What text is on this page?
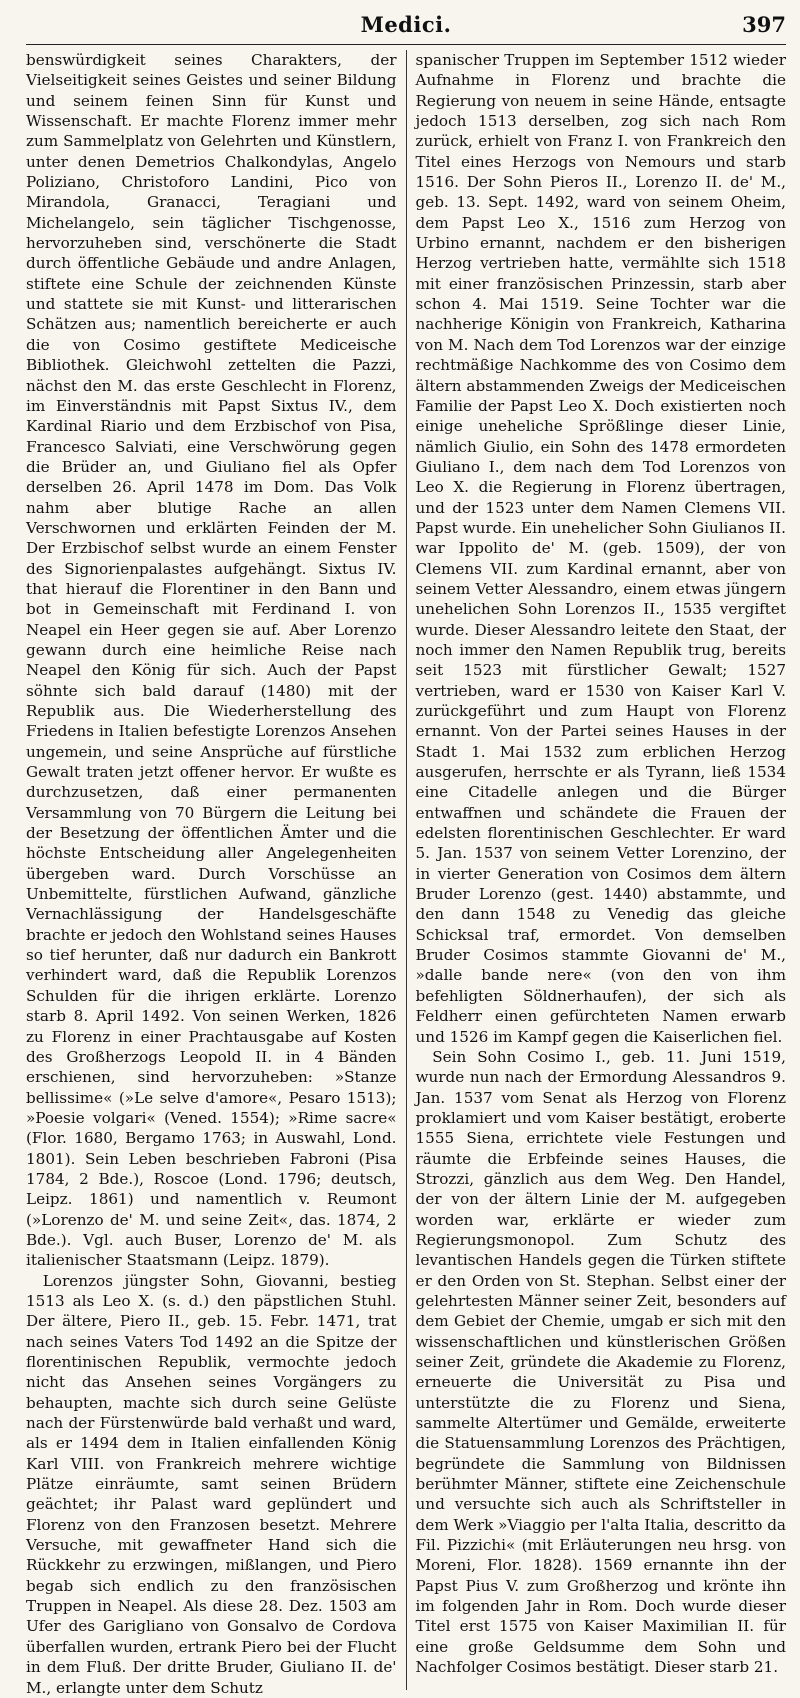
Medici.	397

benswürdigkeit seines Charakters, der Vielseitigkeit seines Geistes und seiner Bildung und seinem feinen Sinn für Kunst und Wissenschaft. Er machte Florenz immer mehr zum Sammelplatz von Gelehrten und Künstlern, unter denen Demetrios Chalkondylas, Angelo Poliziano, Christoforo Landini, Pico von Mirandola, Granacci, Teragiani und Michelangelo, sein täglicher Tischgenosse, hervorzuheben sind, verschönerte die Stadt durch öffentliche Gebäude und andre Anlagen, stiftete eine Schule der zeichnenden Künste und stattete sie mit Kunst- und litterarischen Schätzen aus; namentlich bereicherte er auch die von Cosimo gestiftete Mediceische Bibliothek. Gleichwohl zettelten die Pazzi, nächst den M. das erste Geschlecht in Florenz, im Einverständnis mit Papst Sixtus IV., dem Kardinal Riario und dem Erzbischof von Pisa, Francesco Salviati, eine Verschwörung gegen die Brüder an, und Giuliano fiel als Opfer derselben 26. April 1478 im Dom. Das Volk nahm aber blutige Rache an allen Verschwornen und erklärten Feinden der M. Der Erzbischof selbst wurde an einem Fenster des Signorienpalastes aufgehängt. Sixtus IV. that hierauf die Florentiner in den Bann und bot in Gemeinschaft mit Ferdinand I. von Neapel ein Heer gegen sie auf. Aber Lorenzo gewann durch eine heimliche Reise nach Neapel den König für sich. Auch der Papst söhnte sich bald darauf (1480) mit der Republik aus. Die Wiederherstellung des Friedens in Italien befestigte Lorenzos Ansehen ungemein, und seine Ansprüche auf fürstliche Gewalt traten jetzt offener hervor. Er wußte es durchzusetzen, daß einer permanenten Versammlung von 70 Bürgern die Leitung bei der Besetzung der öffentlichen Ämter und die höchste Entscheidung aller Angelegenheiten übergeben ward. Durch Vorschüsse an Unbemittelte, fürstlichen Aufwand, gänzliche Vernachlässigung der Handelsgeschäfte brachte er jedoch den Wohlstand seines Hauses so tief herunter, daß nur dadurch ein Bankrott verhindert ward, daß die Republik Lorenzos Schulden für die ihrigen erklärte. Lorenzo starb 8. April 1492. Von seinen Werken, 1826 zu Florenz in einer Prachtausgabe auf Kosten des Großherzogs Leopold II. in 4 Bänden erschienen, sind hervorzuheben: »Stanze bellissime« (»Le selve d'amore«, Pesaro 1513); »Poesie volgari« (Vened. 1554); »Rime sacre« (Flor. 1680, Bergamo 1763; in Auswahl, Lond. 1801). Sein Leben beschrieben Fabroni (Pisa 1784, 2 Bde.), Roscoe (Lond. 1796; deutsch, Leipz. 1861) und namentlich v. Reumont (»Lorenzo de' M. und seine Zeit«, das. 1874, 2 Bde.). Vgl. auch Buser, Lorenzo de' M. als italienischer Staatsmann (Leipz. 1879).

Lorenzos jüngster Sohn, Giovanni, bestieg 1513 als Leo X. (s. d.) den päpstlichen Stuhl. Der ältere, Piero II., geb. 15. Febr. 1471, trat nach seines Vaters Tod 1492 an die Spitze der florentinischen Republik, vermochte jedoch nicht das Ansehen seines Vorgängers zu behaupten, machte sich durch seine Gelüste nach der Fürstenwürde bald verhaßt und ward, als er 1494 dem in Italien einfallenden König Karl VIII. von Frankreich mehrere wichtige Plätze einräumte, samt seinen Brüdern geächtet; ihr Palast ward geplündert und Florenz von den Franzosen besetzt. Mehrere Versuche, mit gewaffneter Hand sich die Rückkehr zu erzwingen, mißlangen, und Piero begab sich endlich zu den französischen Truppen in Neapel. Als diese 28. Dez. 1503 am Ufer des Garigliano von Gonsalvo de Cordova überfallen wurden, ertrank Piero bei der Flucht in dem Fluß. Der dritte Bruder, Giuliano II. de' M., erlangte unter dem Schutz

spanischer Truppen im September 1512 wieder Aufnahme in Florenz und brachte die Regierung von neuem in seine Hände, entsagte jedoch 1513 derselben, zog sich nach Rom zurück, erhielt von Franz I. von Frankreich den Titel eines Herzogs von Nemours und starb 1516. Der Sohn Pieros II., Lorenzo II. de' M., geb. 13. Sept. 1492, ward von seinem Oheim, dem Papst Leo X., 1516 zum Herzog von Urbino ernannt, nachdem er den bisherigen Herzog vertrieben hatte, vermählte sich 1518 mit einer französischen Prinzessin, starb aber schon 4. Mai 1519. Seine Tochter war die nachherige Königin von Frankreich, Katharina von M. Nach dem Tod Lorenzos war der einzige rechtmäßige Nachkomme des von Cosimo dem ältern abstammenden Zweigs der Mediceischen Familie der Papst Leo X. Doch existierten noch einige uneheliche Sprößlinge dieser Linie, nämlich Giulio, ein Sohn des 1478 ermordeten Giuliano I., dem nach dem Tod Lorenzos von Leo X. die Regierung in Florenz übertragen, und der 1523 unter dem Namen Clemens VII. Papst wurde. Ein unehelicher Sohn Giulianos II. war Ippolito de' M. (geb. 1509), der von Clemens VII. zum Kardinal ernannt, aber von seinem Vetter Alessandro, einem etwas jüngern unehelichen Sohn Lorenzos II., 1535 vergiftet wurde. Dieser Alessandro leitete den Staat, der noch immer den Namen Republik trug, bereits seit 1523 mit fürstlicher Gewalt; 1527 vertrieben, ward er 1530 von Kaiser Karl V. zurückgeführt und zum Haupt von Florenz ernannt. Von der Partei seines Hauses in der Stadt 1. Mai 1532 zum erblichen Herzog ausgerufen, herrschte er als Tyrann, ließ 1534 eine Citadelle anlegen und die Bürger entwaffnen und schändete die Frauen der edelsten florentinischen Geschlechter. Er ward 5. Jan. 1537 von seinem Vetter Lorenzino, der in vierter Generation von Cosimos dem ältern Bruder Lorenzo (gest. 1440) abstammte, und den dann 1548 zu Venedig das gleiche Schicksal traf, ermordet. Von demselben Bruder Cosimos stammte Giovanni de' M., »dalle bande nere« (von den von ihm befehligten Söldnerhaufen), der sich als Feldherr einen gefürchteten Namen erwarb und 1526 im Kampf gegen die Kaiserlichen fiel.

Sein Sohn Cosimo I., geb. 11. Juni 1519, wurde nun nach der Ermordung Alessandros 9. Jan. 1537 vom Senat als Herzog von Florenz proklamiert und vom Kaiser bestätigt, eroberte 1555 Siena, errichtete viele Festungen und räumte die Erbfeinde seines Hauses, die Strozzi, gänzlich aus dem Weg. Den Handel, der von der ältern Linie der M. aufgegeben worden war, erklärte er wieder zum Regierungsmonopol. Zum Schutz des levantischen Handels gegen die Türken stiftete er den Orden von St. Stephan. Selbst einer der gelehrtesten Männer seiner Zeit, besonders auf dem Gebiet der Chemie, umgab er sich mit den wissenschaftlichen und künstlerischen Größen seiner Zeit, gründete die Akademie zu Florenz, erneuerte die Universität zu Pisa und unterstützte die zu Florenz und Siena, sammelte Altertümer und Gemälde, erweiterte die Statuensammlung Lorenzos des Prächtigen, begründete die Sammlung von Bildnissen berühmter Männer, stiftete eine Zeichenschule und versuchte sich auch als Schriftsteller in dem Werk »Viaggio per l'alta Italia, descritto da Fil. Pizzichi« (mit Erläuterungen neu hrsg. von Moreni, Flor. 1828). 1569 ernannte ihn der Papst Pius V. zum Großherzog und krönte ihn im folgenden Jahr in Rom. Doch wurde dieser Titel erst 1575 von Kaiser Maximilian II. für eine große Geldsumme dem Sohn und Nachfolger Cosimos bestätigt. Dieser starb 21.
